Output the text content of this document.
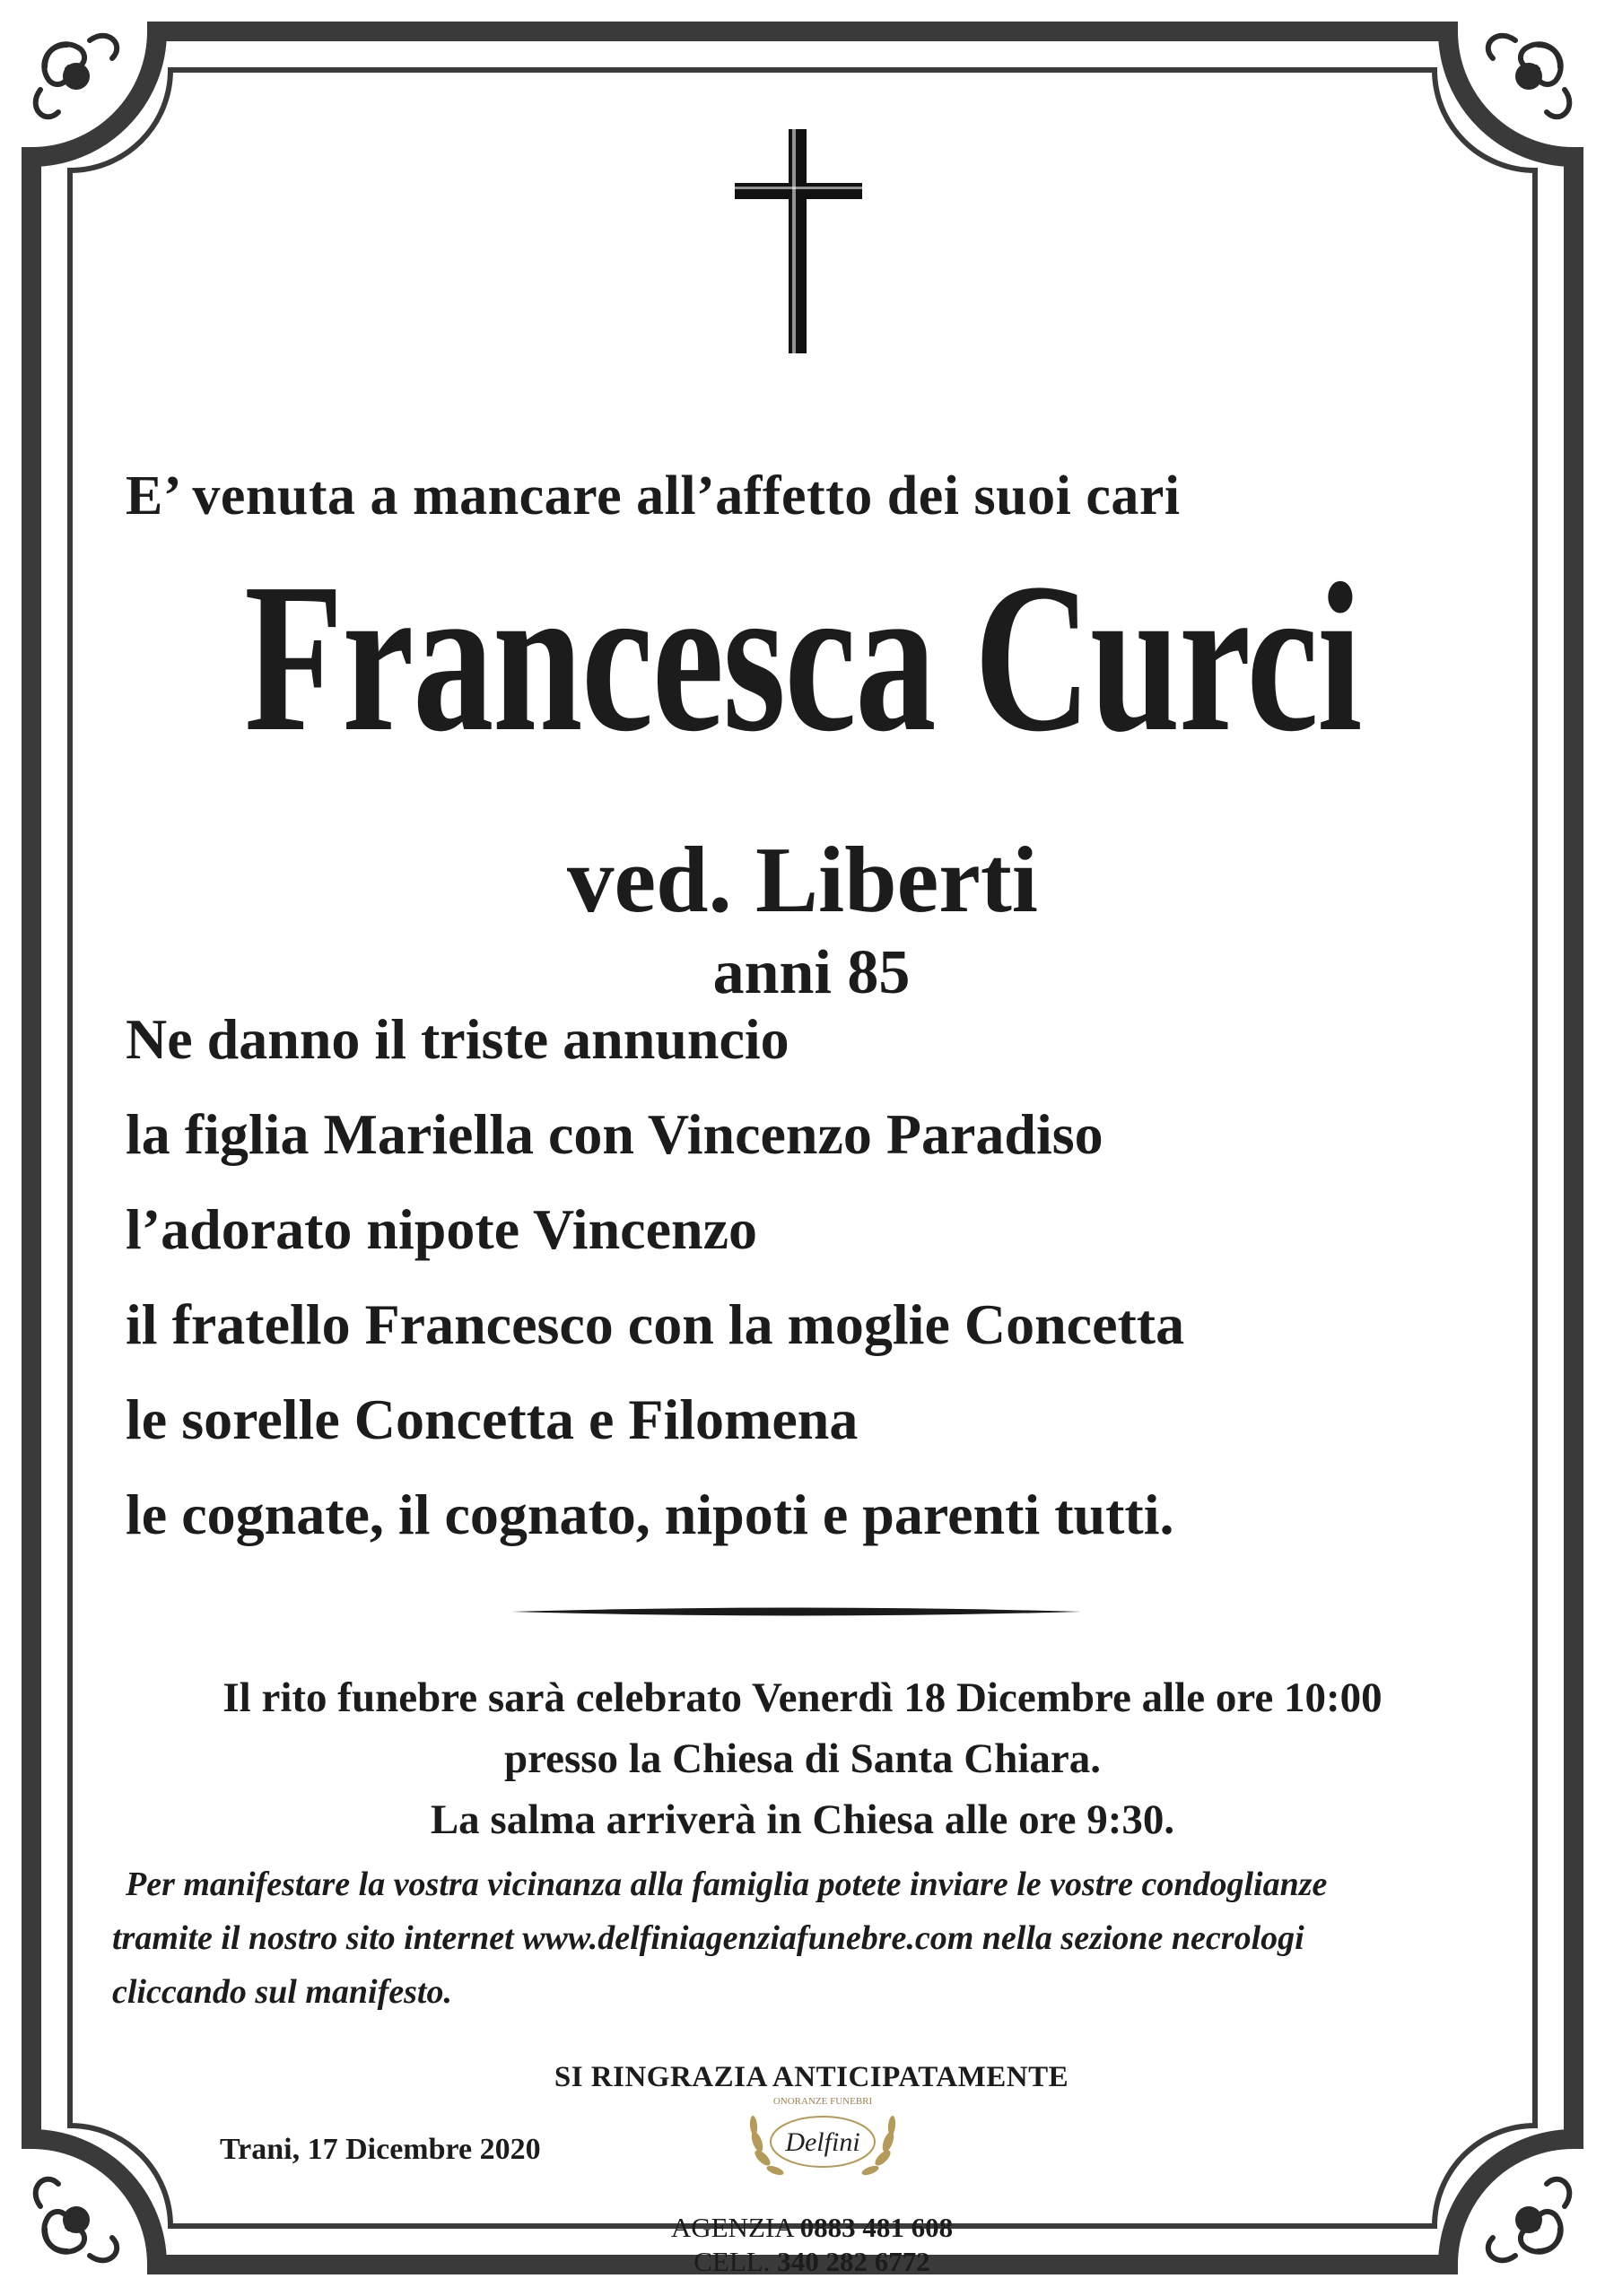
E’ venuta a mancare all’affetto dei suoi cari

Francesca Curci

ved. Liberti

anni 85

Ne danno il triste annuncio

la figlia Mariella con Vincenzo Paradiso

l’adorato nipote Vincenzo

il fratello Francesco con la moglie Concetta

le sorelle Concetta e Filomena

le cognate, il cognato, nipoti e parenti tutti.

Il rito funebre sarà celebrato Venerdì 18 Dicembre alle ore 10:00

presso la Chiesa di Santa Chiara.

La salma arriverà in Chiesa alle ore 9:30.

Per manifestare la vostra vicinanza alla famiglia potete inviare le vostre condoglianze

tramite il nostro sito internet www.delfiniagenziafunebre.com nella sezione necrologi

cliccando sul manifesto.

SI RINGRAZIA ANTICIPATAMENTE

Trani, 17 Dicembre 2020

ONORANZE FUNEBRI
Delfini

AGENZIA 0883 481 608

CELL. 340 282 6772
